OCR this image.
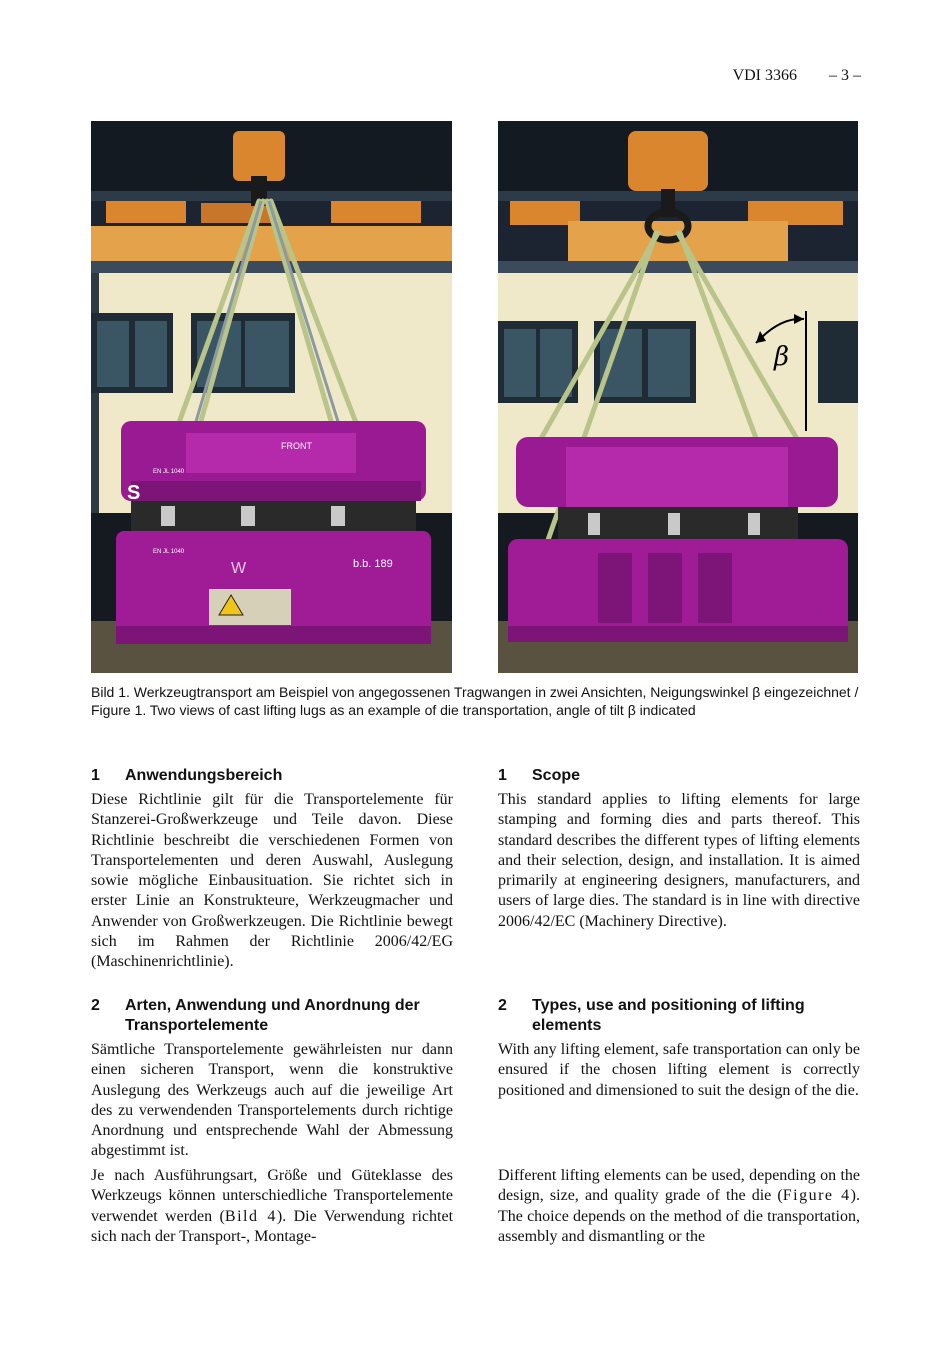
VDI 3366 – 3 –
FRONT
S
W
EN JL 1040
EN JL 1040
b.b. 189
β

Bild 1. Werkzeugtransport am Beispiel von angegossenen Tragwangen in zwei Ansichten, Neigungswinkel β eingezeichnet /

Figure 1. Two views of cast lifting lugs as an example of die transportation, angle of tilt β indicated

1	Anwendungsbereich

Diese Richtlinie gilt für die Transportelemente für Stanzerei-Großwerkzeuge und Teile davon. Diese Richtlinie beschreibt die verschiedenen Formen von Transportelementen und deren Auswahl, Auslegung sowie mögliche Einbausituation. Sie richtet sich in erster Linie an Konstrukteure, Werkzeugmacher und Anwender von Großwerkzeugen. Die Richtlinie bewegt sich im Rahmen der Richtlinie 2006/42/EG (Maschinenrichtlinie).

2	Arten, Anwendung und Anordnung der Transportelemente

Sämtliche Transportelemente gewährleisten nur dann einen sicheren Transport, wenn die konstruktive Auslegung des Werkzeugs auch auf die jeweilige Art des zu verwendenden Transportelements durch richtige Anordnung und entsprechende Wahl der Abmessung abgestimmt ist.

Je nach Ausführungsart, Größe und Güteklasse des Werkzeugs können unterschiedliche Transportelemente verwendet werden (Bild 4). Die Verwendung richtet sich nach der Transport-, Montage-

1	Scope

This standard applies to lifting elements for large stamping and forming dies and parts thereof. This standard describes the different types of lifting elements and their selection, design, and installation. It is aimed primarily at engineering designers, manufacturers, and users of large dies. The standard is in line with directive 2006/42/EC (Machinery Directive).

2	Types, use and positioning of lifting elements

With any lifting element, safe transportation can only be ensured if the chosen lifting element is correctly positioned and dimensioned to suit the design of the die.

Different lifting elements can be used, depending on the design, size, and quality grade of the die (Figure 4). The choice depends on the method of die transportation, assembly and dismantling or the
